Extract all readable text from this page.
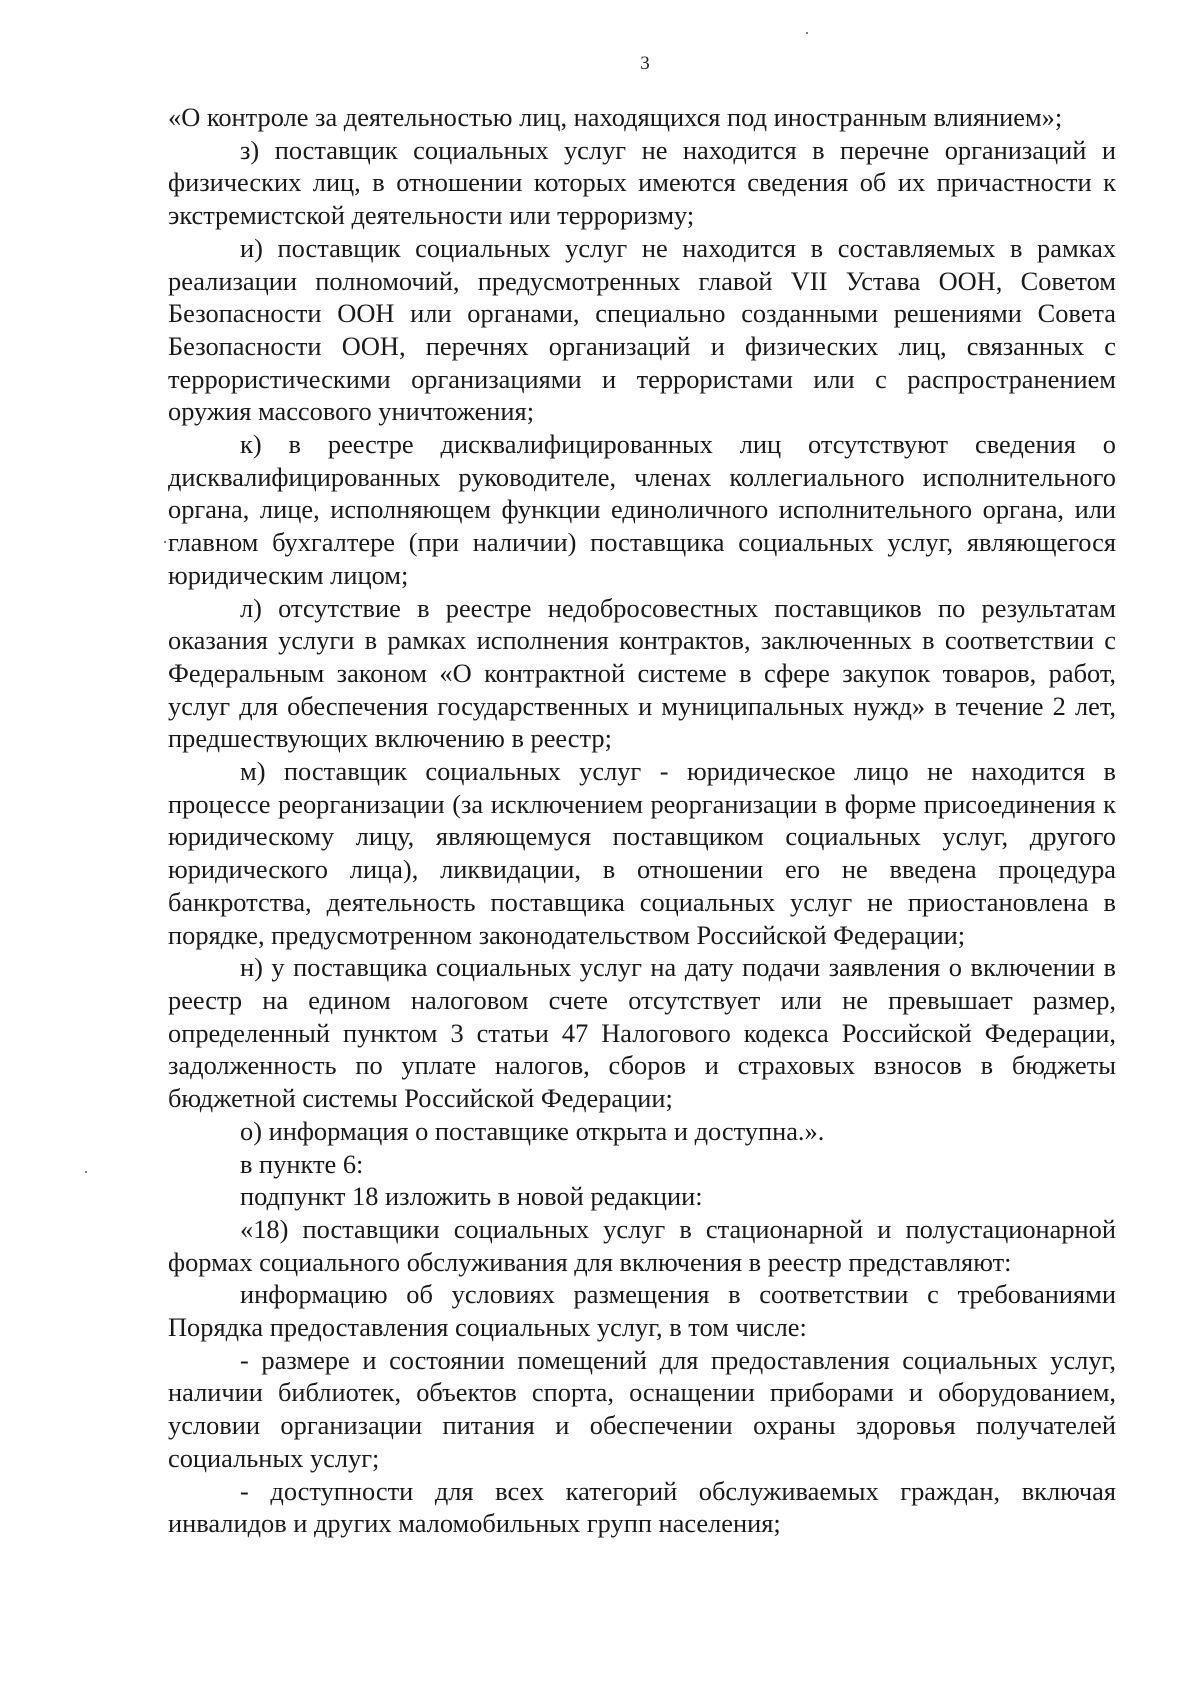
3

«О контроле за деятельностью лиц, находящихся под иностранным влиянием»;

з) поставщик социальных услуг не находится в перечне организаций и физических лиц, в отношении которых имеются сведения об их причастности к экстремистской деятельности или терроризму;

и) поставщик социальных услуг не находится в составляемых в рамках реализации полномочий, предусмотренных главой VII Устава ООН, Советом Безопасности ООН или органами, специально созданными решениями Совета Безопасности ООН, перечнях организаций и физических лиц, связанных с террористическими организациями и террористами или с распространением оружия массового уничтожения;

к) в реестре дисквалифицированных лиц отсутствуют сведения о дисквалифицированных руководителе, членах коллегиального исполнительного органа, лице, исполняющем функции единоличного исполнительного органа, или главном бухгалтере (при наличии) поставщика социальных услуг, являющегося юридическим лицом;

л) отсутствие в реестре недобросовестных поставщиков по результатам оказания услуги в рамках исполнения контрактов, заключенных в соответствии с Федеральным законом «О контрактной системе в сфере закупок товаров, работ, услуг для обеспечения государственных и муниципальных нужд» в течение 2 лет, предшествующих включению в реестр;

м) поставщик социальных услуг - юридическое лицо не находится в процессе реорганизации (за исключением реорганизации в форме присоединения к юридическому лицу, являющемуся поставщиком социальных услуг, другого юридического лица), ликвидации, в отношении его не введена процедура банкротства, деятельность поставщика социальных услуг не приостановлена в порядке, предусмотренном законодательством Российской Федерации;

н) у поставщика социальных услуг на дату подачи заявления о включении в реестр на едином налоговом счете отсутствует или не превышает размер, определенный пунктом 3 статьи 47 Налогового кодекса Российской Федерации, задолженность по уплате налогов, сборов и страховых взносов в бюджеты бюджетной системы Российской Федерации;

о) информация о поставщике открыта и доступна.».

в пункте 6:

подпункт 18 изложить в новой редакции:

«18) поставщики социальных услуг в стационарной и полустационарной формах социального обслуживания для включения в реестр представляют:

информацию об условиях размещения в соответствии с требованиями Порядка предоставления социальных услуг, в том числе:

- размере и состоянии помещений для предоставления социальных услуг, наличии библиотек, объектов спорта, оснащении приборами и оборудованием, условии организации питания и обеспечении охраны здоровья получателей социальных услуг;

- доступности для всех категорий обслуживаемых граждан, включая инвалидов и других маломобильных групп населения;
